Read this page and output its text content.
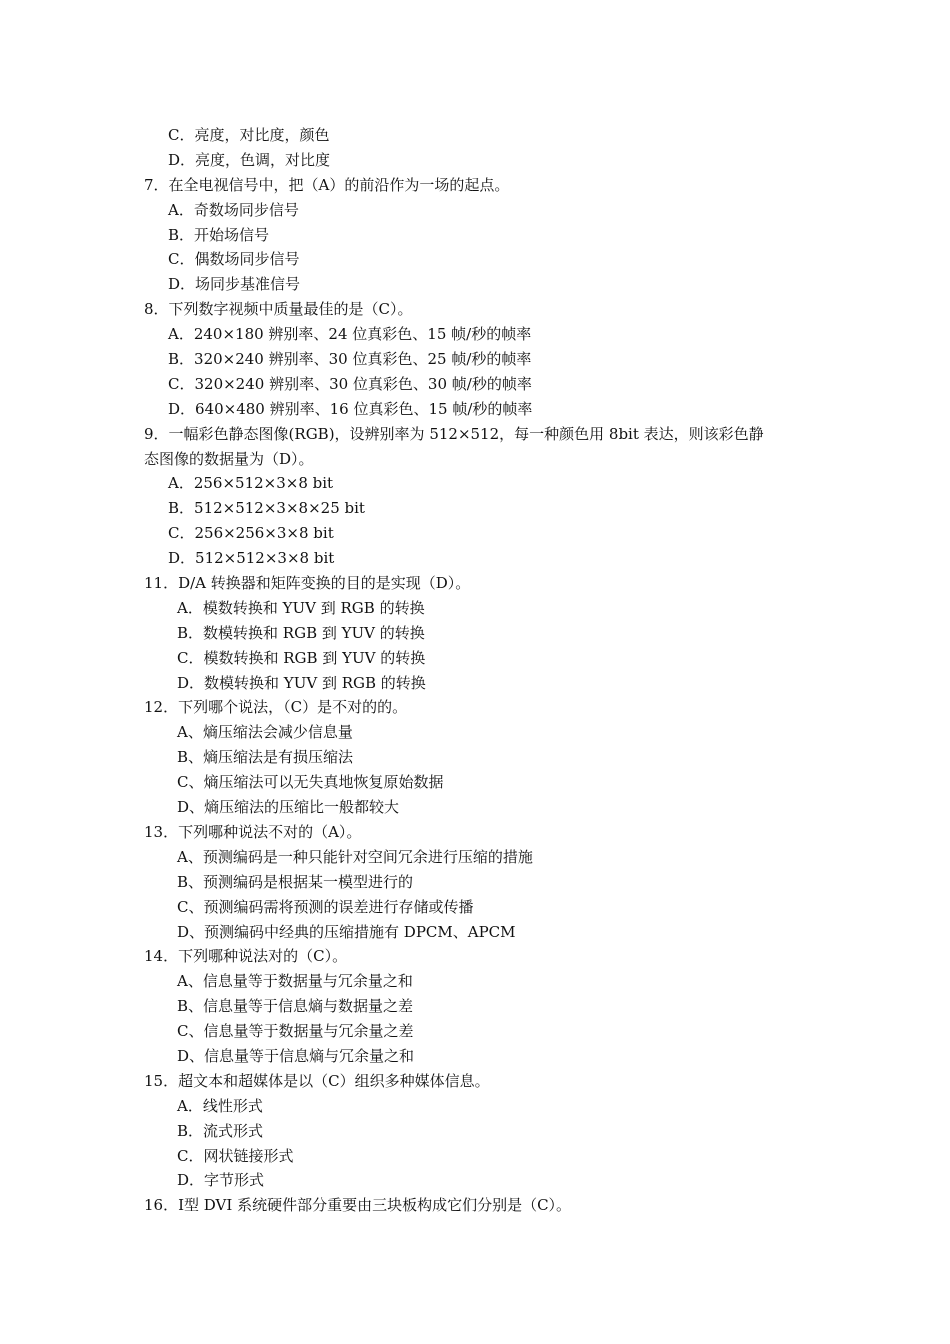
C．亮度，对比度，颜色
D．亮度，色调，对比度
7．在全电视信号中，把（A）的前沿作为一场的起点。
A．奇数场同步信号
B．开始场信号
C．偶数场同步信号
D．场同步基准信号
8．下列数字视频中质量最佳的是（C）。
A．240×180 辨别率、24 位真彩色、15 帧/秒的帧率
B．320×240 辨别率、30 位真彩色、25 帧/秒的帧率
C．320×240 辨别率、30 位真彩色、30 帧/秒的帧率
D．640×480 辨别率、16 位真彩色、15 帧/秒的帧率
9．一幅彩色静态图像(RGB)，设辨别率为 512×512，每一种颜色用 8bit 表达，则该彩色静
态图像的数据量为（D）。
A．256×512×3×8 bit
B．512×512×3×8×25 bit
C．256×256×3×8 bit
D．512×512×3×8 bit
11．D/A 转换器和矩阵变换的目的是实现（D）。
A．模数转换和 YUV 到 RGB 的转换
B．数模转换和 RGB 到 YUV 的转换
C．模数转换和 RGB 到 YUV 的转换
D．数模转换和 YUV 到 RGB 的转换
12．下列哪个说法，（C）是不对的的。
A、熵压缩法会减少信息量
B、熵压缩法是有损压缩法
C、熵压缩法可以无失真地恢复原始数据
D、熵压缩法的压缩比一般都较大
13．下列哪种说法不对的（A）。
A、预测编码是一种只能针对空间冗余进行压缩的措施
B、预测编码是根据某一模型进行的
C、预测编码需将预测的误差进行存储或传播
D、预测编码中经典的压缩措施有 DPCM、APCM
14．下列哪种说法对的（C）。
A、信息量等于数据量与冗余量之和
B、信息量等于信息熵与数据量之差
C、信息量等于数据量与冗余量之差
D、信息量等于信息熵与冗余量之和
15．超文本和超媒体是以（C）组织多种媒体信息。
A．线性形式
B．流式形式
C．网状链接形式
D．字节形式
16．Ⅰ型 DVI 系统硬件部分重要由三块板构成它们分别是（C）。
